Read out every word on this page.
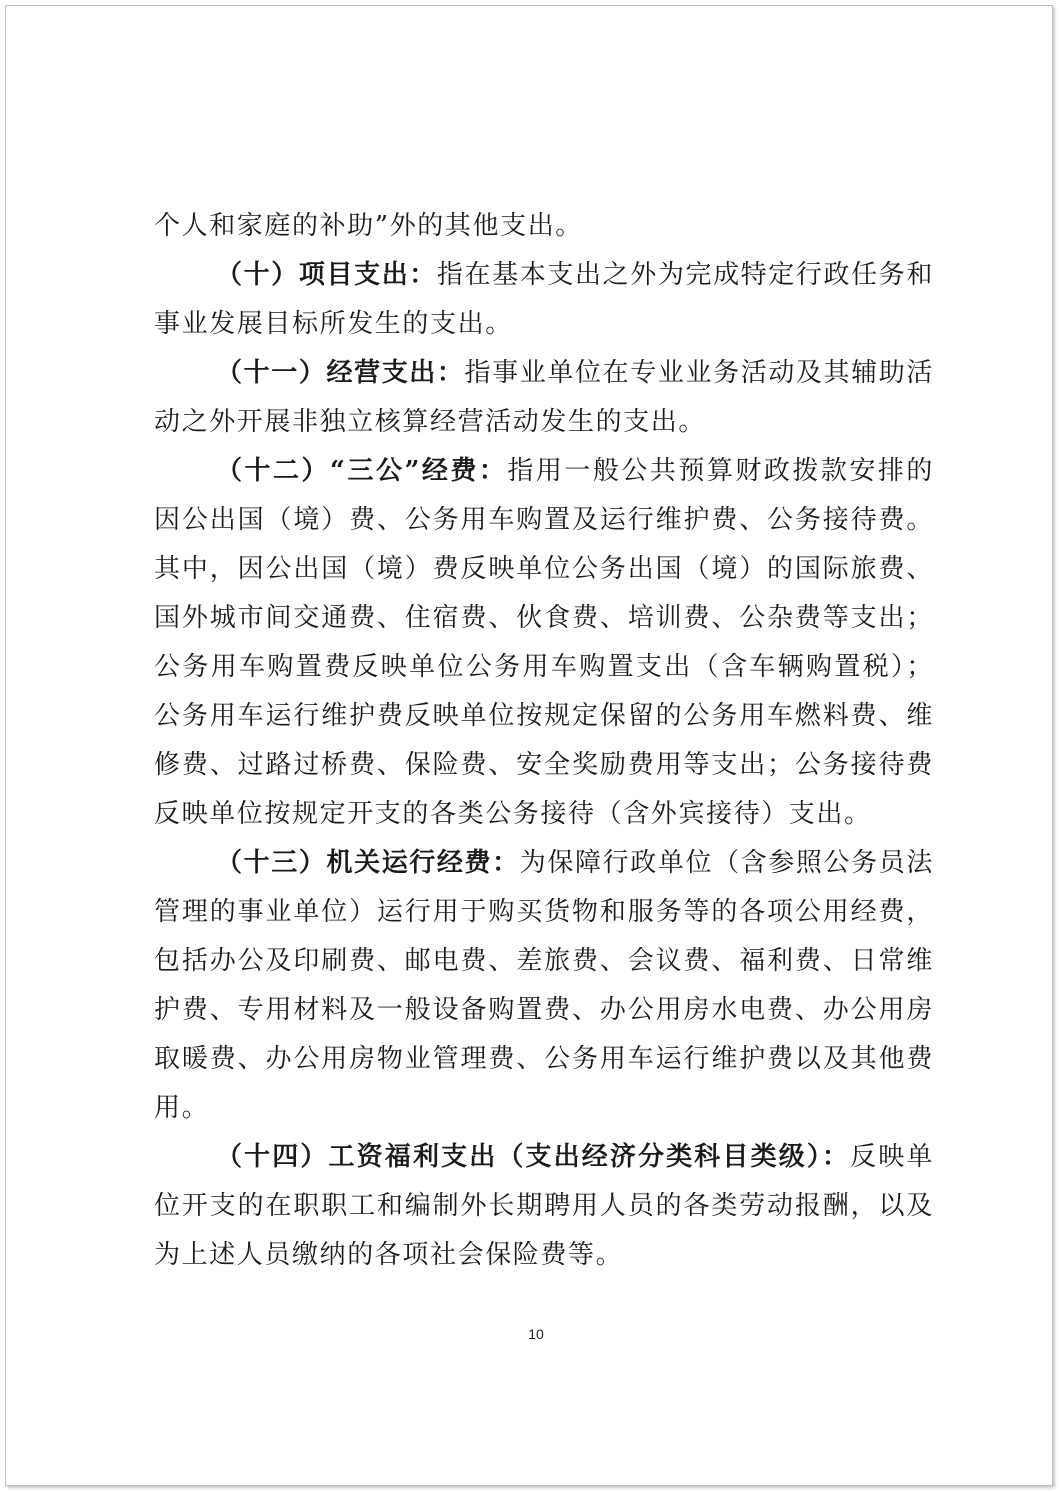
个人和家庭的补助”外的其他支出。

（十）项目支出：指在基本支出之外为完成特定行政任务和事业发展目标所发生的支出。

（十一）经营支出：指事业单位在专业业务活动及其辅助活动之外开展非独立核算经营活动发生的支出。

（十二）“三公”经费：指用一般公共预算财政拨款安排的因公出国（境）费、公务用车购置及运行维护费、公务接待费。其中，因公出国（境）费反映单位公务出国（境）的国际旅费、国外城市间交通费、住宿费、伙食费、培训费、公杂费等支出；公务用车购置费反映单位公务用车购置支出（含车辆购置税）；公务用车运行维护费反映单位按规定保留的公务用车燃料费、维修费、过路过桥费、保险费、安全奖励费用等支出；公务接待费反映单位按规定开支的各类公务接待（含外宾接待）支出。

（十三）机关运行经费：为保障行政单位（含参照公务员法管理的事业单位）运行用于购买货物和服务等的各项公用经费，包括办公及印刷费、邮电费、差旅费、会议费、福利费、日常维护费、专用材料及一般设备购置费、办公用房水电费、办公用房取暖费、办公用房物业管理费、公务用车运行维护费以及其他费用。

（十四）工资福利支出（支出经济分类科目类级）：反映单位开支的在职职工和编制外长期聘用人员的各类劳动报酬，以及为上述人员缴纳的各项社会保险费等。

10
